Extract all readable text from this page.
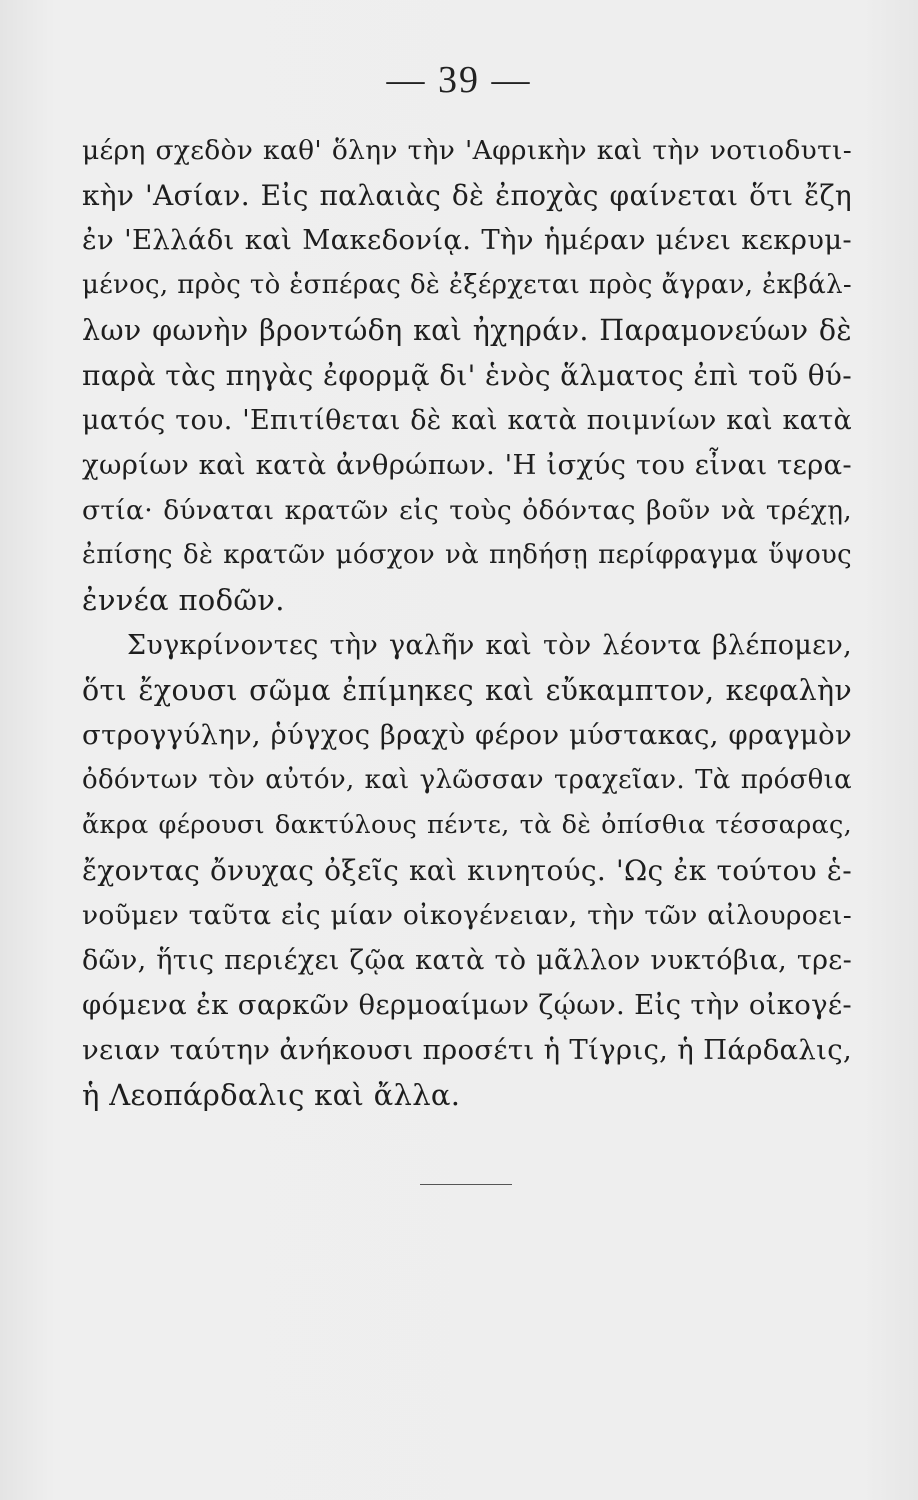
— 39 —
μέρη σχεδὸν καθ' ὅλην τὴν 'Αφρικὴν καὶ τὴν νοτιοδυτι-
κὴν 'Ασίαν. Εἰς παλαιὰς δὲ ἐποχὰς φαίνεται ὅτι ἔζη
ἐν 'Ελλάδι καὶ Μακεδονίᾳ. Τὴν ἡμέραν μένει κεκρυμ-
μένος, πρὸς τὸ ἑσπέρας δὲ ἐξέρχεται πρὸς ἄγραν, ἐκβάλ-
λων φωνὴν βροντώδη καὶ ἠχηράν. Παραμονεύων δὲ
παρὰ τὰς πηγὰς ἐφορμᾷ δι' ἑνὸς ἅλματος ἐπὶ τοῦ θύ-
ματός του. 'Επιτίθεται δὲ καὶ κατὰ ποιμνίων καὶ κατὰ
χωρίων καὶ κατὰ ἀνθρώπων. 'Η ἰσχύς του εἶναι τερα-
στία· δύναται κρατῶν εἰς τοὺς ὀδόντας βοῦν νὰ τρέχῃ,
ἐπίσης δὲ κρατῶν μόσχον νὰ πηδήσῃ περίφραγμα ὕψους
ἐννέα ποδῶν.
Συγκρίνοντες τὴν γαλῆν καὶ τὸν λέοντα βλέπομεν,
ὅτι ἔχουσι σῶμα ἐπίμηκες καὶ εὔκαμπτον, κεφαλὴν
στρογγύλην, ῥύγχος βραχὺ φέρον μύστακας, φραγμὸν
ὀδόντων τὸν αὐτόν, καὶ γλῶσσαν τραχεῖαν. Τὰ πρόσθια
ἄκρα φέρουσι δακτύλους πέντε, τὰ δὲ ὀπίσθια τέσσαρας,
ἔχοντας ὄνυχας ὀξεῖς καὶ κινητούς. 'Ως ἐκ τούτου ἑ-
νοῦμεν ταῦτα εἰς μίαν οἰκογένειαν, τὴν τῶν αἰλουροει-
δῶν, ἥτις περιέχει ζῷα κατὰ τὸ μᾶλλον νυκτόβια, τρε-
φόμενα ἐκ σαρκῶν θερμοαίμων ζῴων. Εἰς τὴν οἰκογέ-
νειαν ταύτην ἀνήκουσι προσέτι ἡ Τίγρις, ἡ Πάρδαλις,
ἡ Λεοπάρδαλις καὶ ἄλλα.
